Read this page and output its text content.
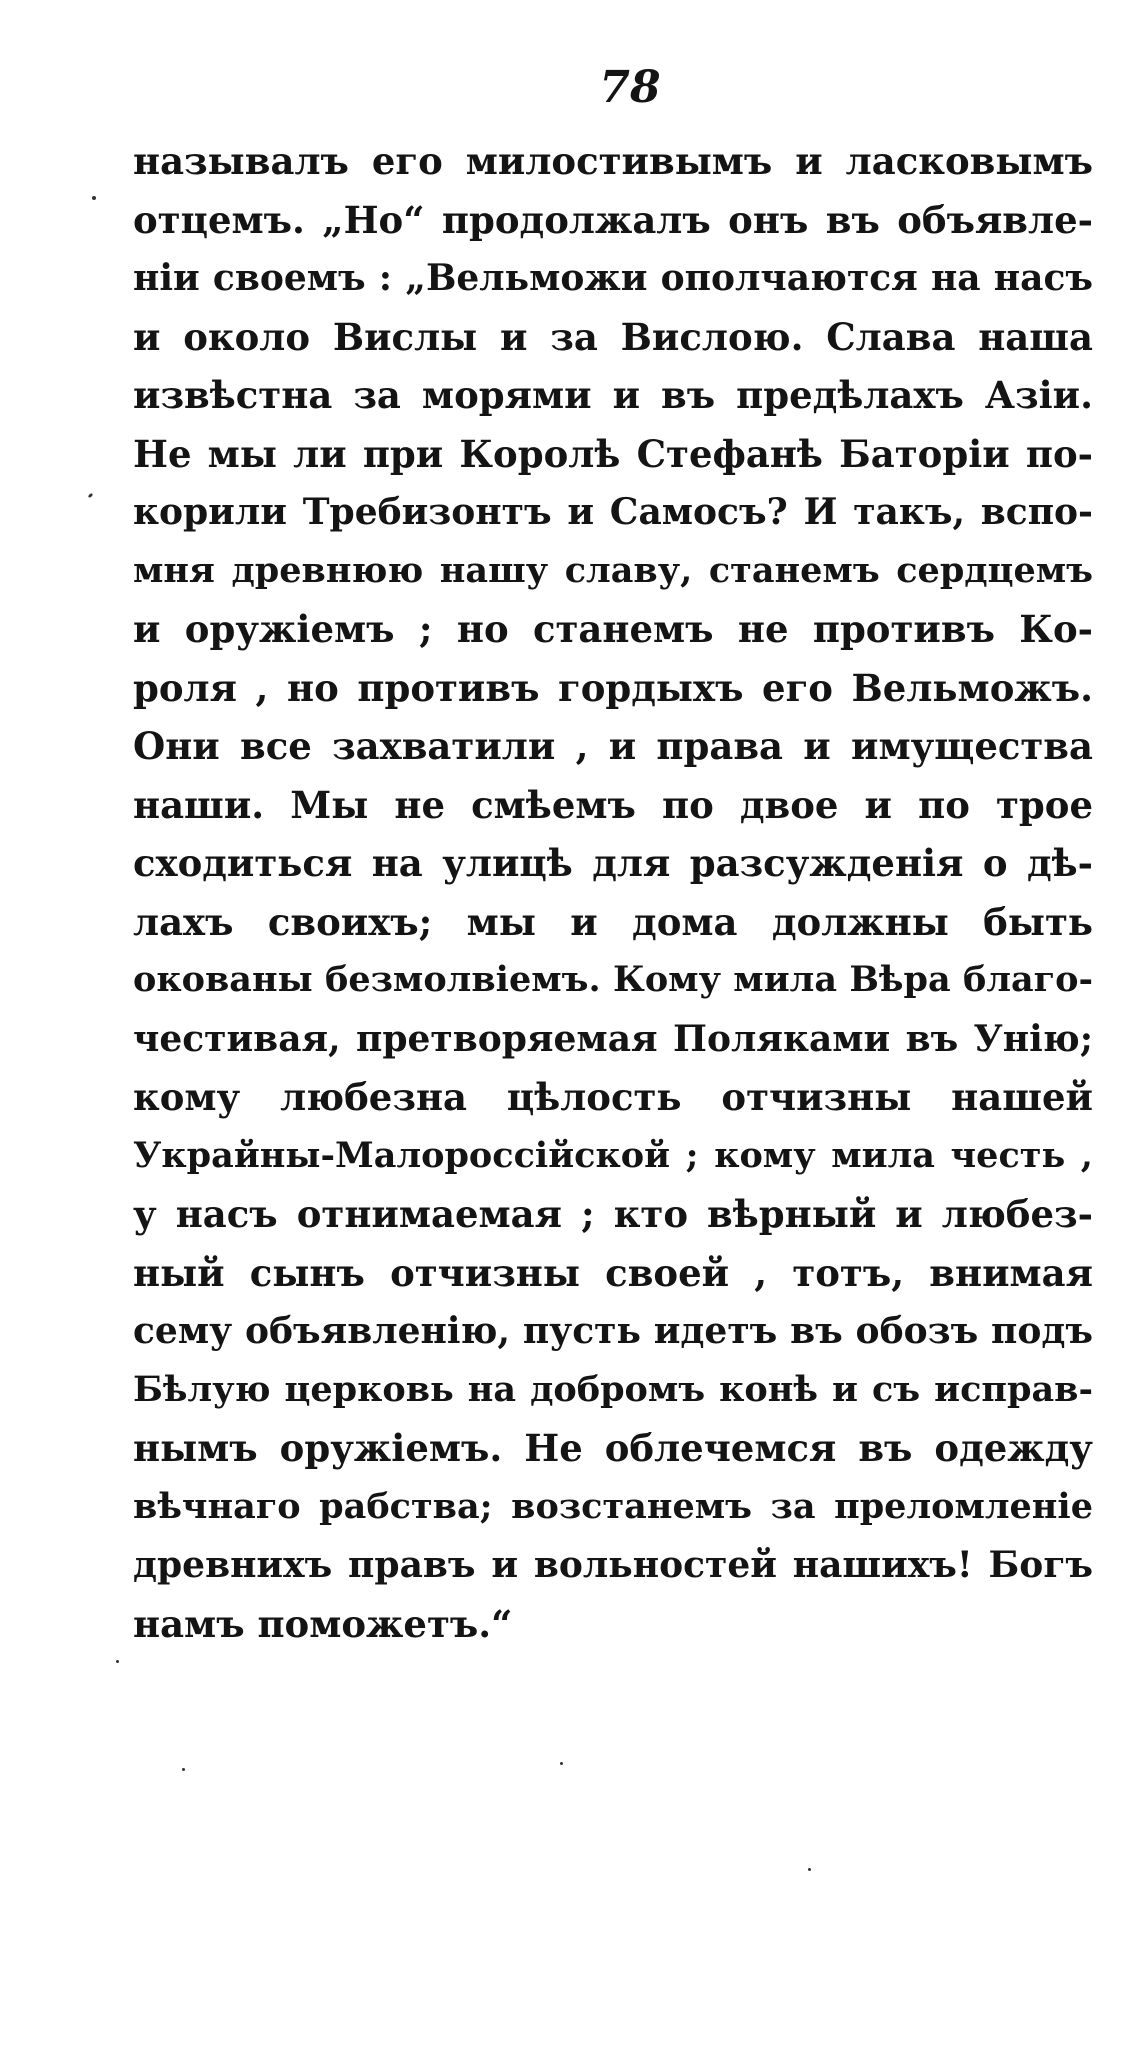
78
называлъ его милостивымъ и ласковымъ
отцемъ. „Но“ продолжалъ онъ въ объявле-
ніи своемъ : „Вельможи ополчаются на насъ
и около Вислы и за Вислою. Слава наша
извѣстна за морями и въ предѣлахъ Азіи.
Не мы ли при Королѣ Стефанѣ Баторіи по-
корили Требизонтъ и Самосъ? И такъ, вспо-
мня древнюю нашу славу, станемъ сердцемъ
и оружіемъ ; но станемъ не противъ Ко-
роля , но противъ гордыхъ его Вельможъ.
Они все захватили , и права и имущества
наши. Мы не смѣемъ по двое и по трое
сходиться на улицѣ для разсужденія о дѣ-
лахъ своихъ; мы и дома должны быть
окованы безмолвіемъ. Кому мила Вѣра благо-
честивая, претворяемая Поляками въ Унію;
кому любезна цѣлость отчизны нашей
Украйны-Малороссійской ; кому мила честь ,
у насъ отнимаемая ; кто вѣрный и любез-
ный сынъ отчизны своей , тотъ, внимая
сему объявленію, пусть идетъ въ обозъ подъ
Бѣлую церковь на добромъ конѣ и съ исправ-
нымъ оружіемъ. Не облечемся въ одежду
вѣчнаго рабства; возстанемъ за преломленіе
древнихъ правъ и вольностей нашихъ! Богъ
намъ поможетъ.“
